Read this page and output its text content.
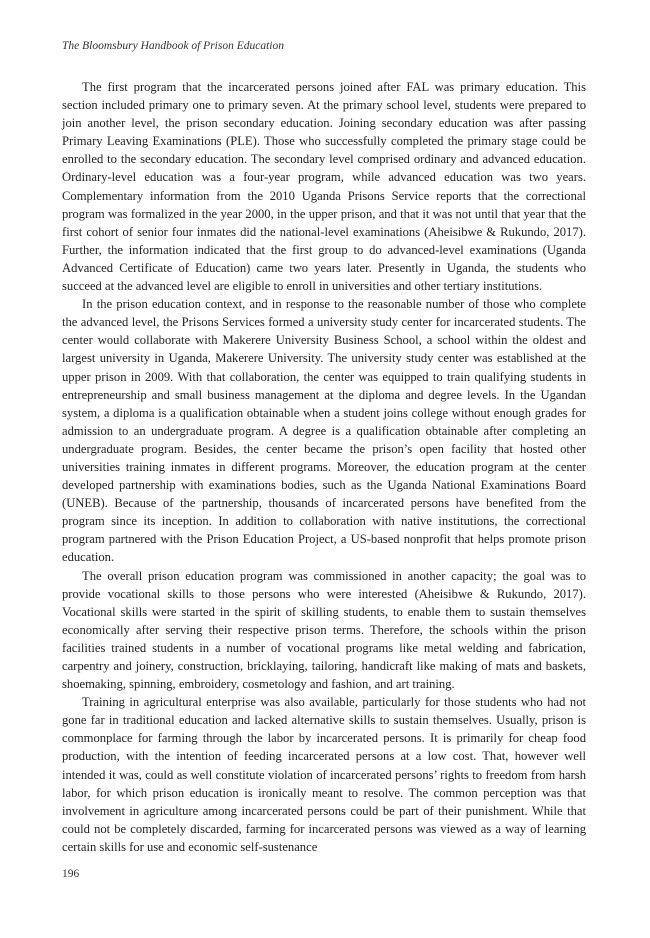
The Bloomsbury Handbook of Prison Education

The first program that the incarcerated persons joined after FAL was primary education. This section included primary one to primary seven. At the primary school level, students were prepared to join another level, the prison secondary education. Joining secondary education was after passing Primary Leaving Examinations (PLE). Those who successfully completed the primary stage could be enrolled to the secondary education. The secondary level comprised ordinary and advanced education. Ordinary-level education was a four-year program, while advanced education was two years. Complementary information from the 2010 Uganda Prisons Service reports that the correctional program was formalized in the year 2000, in the upper prison, and that it was not until that year that the first cohort of senior four inmates did the national-level examinations (Aheisibwe & Rukundo, 2017). Further, the information indicated that the first group to do advanced-level examinations (Uganda Advanced Certificate of Education) came two years later. Presently in Uganda, the students who succeed at the advanced level are eligible to enroll in universities and other tertiary institutions.

In the prison education context, and in response to the reasonable number of those who complete the advanced level, the Prisons Services formed a university study center for incarcerated students. The center would collaborate with Makerere University Business School, a school within the oldest and largest university in Uganda, Makerere University. The university study center was established at the upper prison in 2009. With that collaboration, the center was equipped to train qualifying students in entrepreneurship and small business management at the diploma and degree levels. In the Ugandan system, a diploma is a qualification obtainable when a student joins college without enough grades for admission to an undergraduate program. A degree is a qualification obtainable after completing an undergraduate program. Besides, the center became the prison’s open facility that hosted other universities training inmates in different programs. Moreover, the education program at the center developed partnership with examinations bodies, such as the Uganda National Examinations Board (UNEB). Because of the partnership, thousands of incarcerated persons have benefited from the program since its inception. In addition to collaboration with native institutions, the correctional program partnered with the Prison Education Project, a US-based nonprofit that helps promote prison education.

The overall prison education program was commissioned in another capacity; the goal was to provide vocational skills to those persons who were interested (Aheisibwe & Rukundo, 2017). Vocational skills were started in the spirit of skilling students, to enable them to sustain themselves economically after serving their respective prison terms. Therefore, the schools within the prison facilities trained students in a number of vocational programs like metal welding and fabrication, carpentry and joinery, construction, bricklaying, tailoring, handicraft like making of mats and baskets, shoemaking, spinning, embroidery, cosmetology and fashion, and art training.

Training in agricultural enterprise was also available, particularly for those students who had not gone far in traditional education and lacked alternative skills to sustain themselves. Usually, prison is commonplace for farming through the labor by incarcerated persons. It is primarily for cheap food production, with the intention of feeding incarcerated persons at a low cost. That, however well intended it was, could as well constitute violation of incarcerated persons’ rights to freedom from harsh labor, for which prison education is ironically meant to resolve. The common perception was that involvement in agriculture among incarcerated persons could be part of their punishment. While that could not be completely discarded, farming for incarcerated persons was viewed as a way of learning certain skills for use and economic self-sustenance

196
